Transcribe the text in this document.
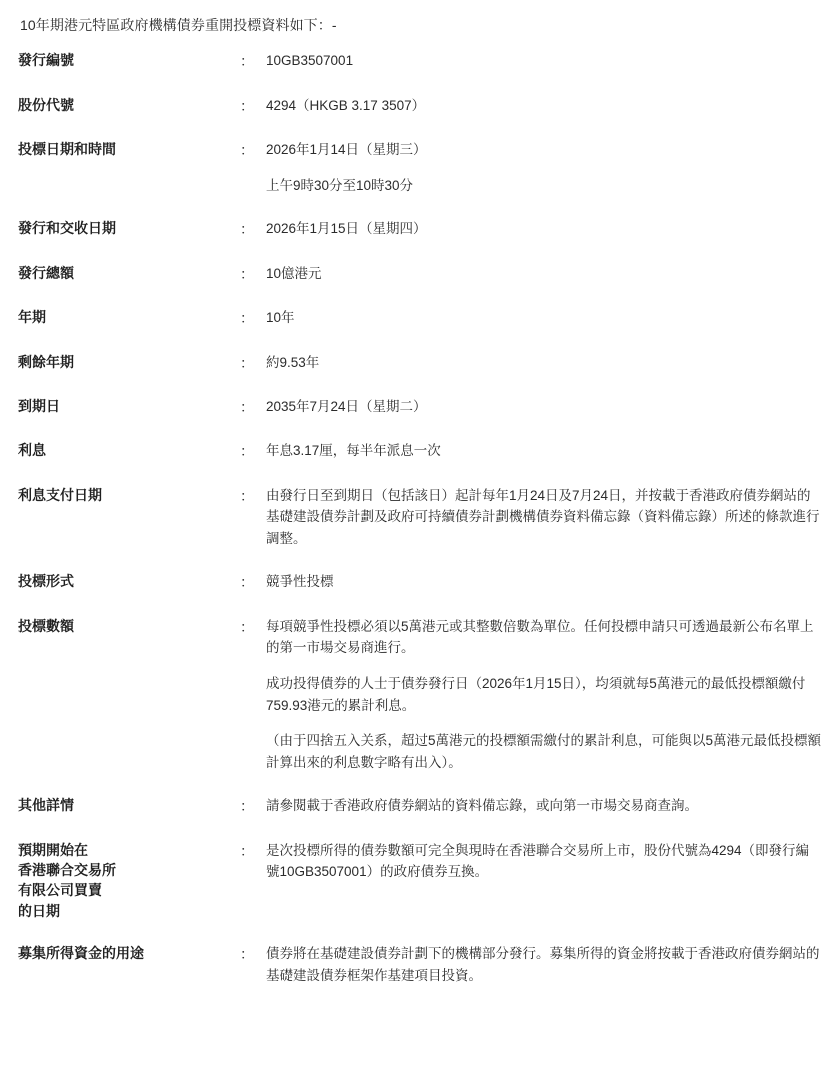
10年期港元特區政府機構債券重開投標資料如下：-
發行編號	：	10GB3507001

股份代號	：	4294（HKGB 3.17 3507）

投標日期和時間	：	2026年1月14日（星期三）

上午9時30分至10時30分

發行和交收日期	：	2026年1月15日（星期四）

發行總額	：	10億港元

年期	：	10年

剩餘年期	：	約9.53年

到期日	：	2035年7月24日（星期二）

利息	：	年息3.17厘，每半年派息一次

利息支付日期	：	由發行日至到期日（包括該日）起計每年1月24日及7月24日，并按載于香港政府債券網站的基礎建設債券計劃及政府可持續債券計劃機構債券資料備忘錄（資料備忘錄）所述的條款進行調整。

投標形式	：	競爭性投標

投標數額	：	每項競爭性投標必須以5萬港元或其整數倍數為單位。任何投標申請只可透過最新公布名單上的第一市場交易商進行。

成功投得債券的人士于債券發行日（2026年1月15日），均須就每5萬港元的最低投標額繳付759.93港元的累計利息。

（由于四捨五入关系，超过5萬港元的投標額需繳付的累計利息，可能與以5萬港元最低投標額計算出來的利息數字略有出入）。

其他詳情	：	請參閱載于香港政府債券網站的資料備忘錄，或向第一市場交易商查詢。

預期開始在
香港聯合交易所
有限公司買賣
的日期	：	是次投標所得的債券數額可完全與現時在香港聯合交易所上市，股份代號為4294（即發行編號10GB3507001）的政府債券互換。

募集所得資金的用途	：	債券將在基礎建設債券計劃下的機構部分發行。募集所得的資金將按載于香港政府債券網站的基礎建設債券框架作基建項目投資。
